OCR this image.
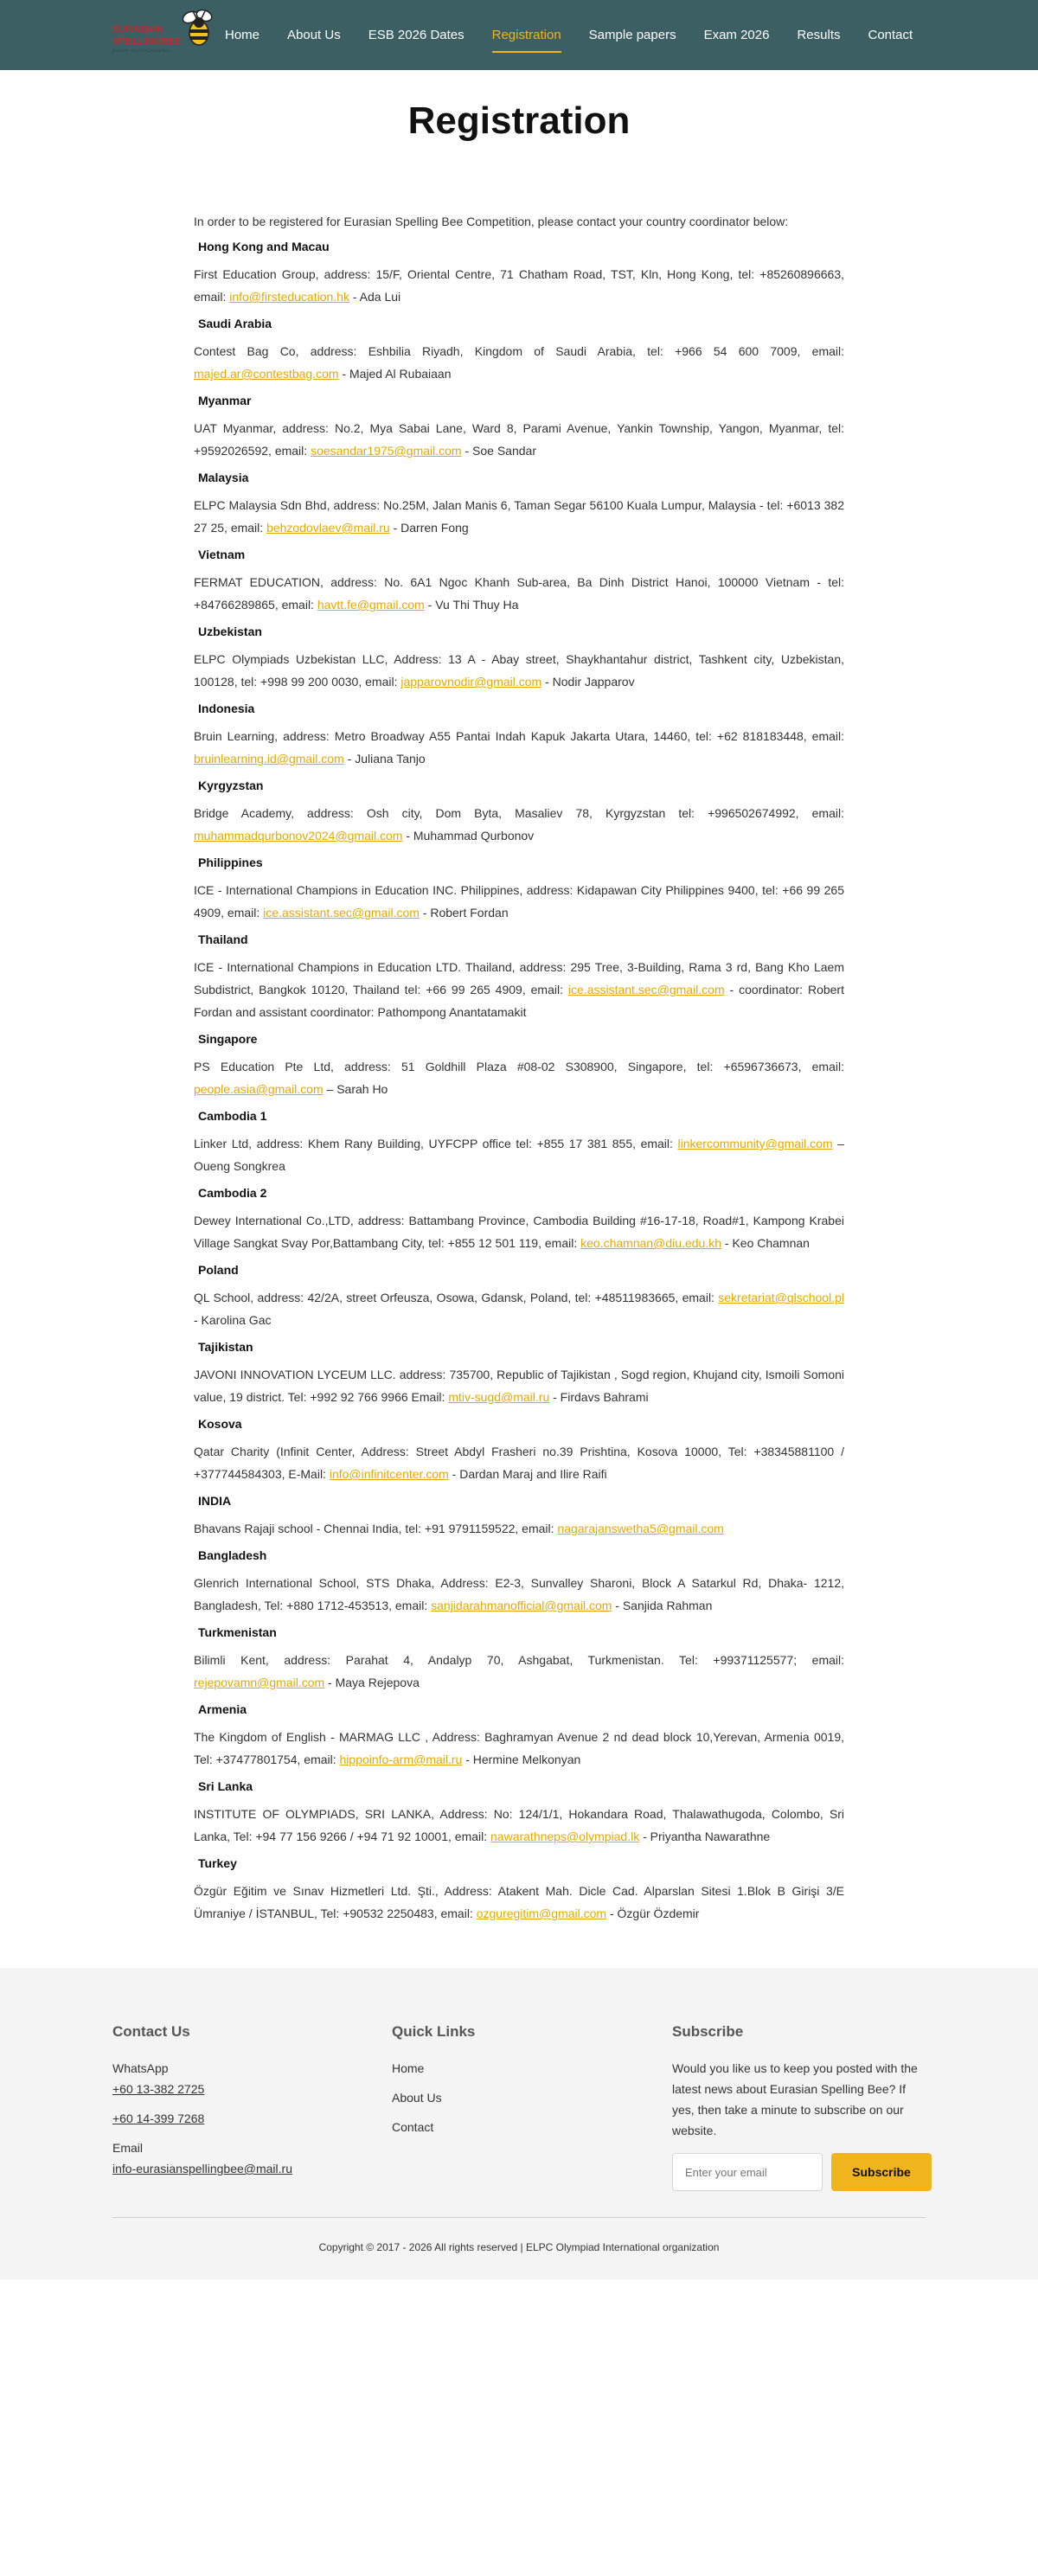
EURASIAN
SPELLINGBEE
Eurasian Spelling Competition
Home About Us ESB 2026 Dates Registration Sample papers Exam 2026 Results Contact
Registration

In order to be registered for Eurasian Spelling Bee Competition, please contact your country coordinator below:

Hong Kong and Macau

First Education Group, address: 15/F, Oriental Centre, 71 Chatham Road, TST, Kln, Hong Kong, tel: +85260896663, email: info@firsteducation.hk - Ada Lui

Saudi Arabia

Contest Bag Co, address: Eshbilia Riyadh, Kingdom of Saudi Arabia, tel: +966 54 600 7009, email: majed.ar@contestbag.com - Majed Al Rubaiaan

Myanmar

UAT Myanmar, address: No.2, Mya Sabai Lane, Ward 8, Parami Avenue, Yankin Township, Yangon, Myanmar, tel: +9592026592, email: soesandar1975@gmail.com - Soe Sandar

Malaysia

ELPC Malaysia Sdn Bhd, address: No.25M, Jalan Manis 6, Taman Segar 56100 Kuala Lumpur, Malaysia - tel: +6013 382 27 25, email: behzodovlaev@mail.ru - Darren Fong

Vietnam

FERMAT EDUCATION, address: No. 6A1 Ngoc Khanh Sub-area, Ba Dinh District Hanoi, 100000 Vietnam - tel: +84766289865, email: havtt.fe@gmail.com - Vu Thi Thuy Ha

Uzbekistan

ELPC Olympiads Uzbekistan LLC, Address: 13 A - Abay street, Shaykhantahur district, Tashkent city, Uzbekistan, 100128, tel: +998 99 200 0030, email: japparovnodir@gmail.com - Nodir Japparov

Indonesia

Bruin Learning, address: Metro Broadway A55 Pantai Indah Kapuk Jakarta Utara, 14460, tel: +62 818183448, email: bruinlearning.id@gmail.com - Juliana Tanjo

Kyrgyzstan

Bridge Academy, address: Osh city, Dom Byta, Masaliev 78, Kyrgyzstan tel: +996502674992, email: muhammadqurbonov2024@gmail.com - Muhammad Qurbonov

Philippines

ICE - International Champions in Education INC. Philippines, address: Kidapawan City Philippines 9400, tel: +66 99 265 4909, email: ice.assistant.sec@gmail.com - Robert Fordan

Thailand

ICE - International Champions in Education LTD. Thailand, address: 295 Tree, 3-Building, Rama 3 rd, Bang Kho Laem Subdistrict, Bangkok 10120, Thailand tel: +66 99 265 4909, email: ice.assistant.sec@gmail.com - coordinator: Robert Fordan and assistant coordinator: Pathompong Anantatamakit

Singapore

PS Education Pte Ltd, address: 51 Goldhill Plaza #08-02 S308900, Singapore, tel: +6596736673, email: people.asia@gmail.com – Sarah Ho

Cambodia 1

Linker Ltd, address: Khem Rany Building, UYFCPP office tel: +855 17 381 855, email: linkercommunity@gmail.com – Oueng Songkrea

Cambodia 2

Dewey International Co.,LTD, address: Battambang Province, Cambodia Building #16-17-18, Road#1, Kampong Krabei Village Sangkat Svay Por,Battambang City, tel: +855 12 501 119, email: keo.chamnan@diu.edu.kh - Keo Chamnan

Poland

QL School, address: 42/2A, street Orfeusza, Osowa, Gdansk, Poland, tel: +48511983665, email: sekretariat@qlschool.pl - Karolina Gac

Tajikistan

JAVONI INNOVATION LYCEUM LLC. address: 735700, Republic of Tajikistan , Sogd region, Khujand city, Ismoili Somoni value, 19 district. Tel: +992 92 766 9966 Email: mtiv-sugd@mail.ru - Firdavs Bahrami

Kosova

Qatar Charity (Infinit Center, Address: Street Abdyl Frasheri no.39 Prishtina, Kosova 10000, Tel: +38345881100 / +377744584303, E-Mail: info@infinitcenter.com - Dardan Maraj and Ilire Raifi

INDIA

Bhavans Rajaji school - Chennai India, tel: +91 9791159522, email: nagarajanswetha5@gmail.com

Bangladesh

Glenrich International School, STS Dhaka, Address: E2-3, Sunvalley Sharoni, Block A Satarkul Rd, Dhaka- 1212, Bangladesh, Tel: +880 1712-453513, email: sanjidarahmanofficial@gmail.com - Sanjida Rahman

Turkmenistan

Bilimli Kent, address: Parahat 4, Andalyp 70, Ashgabat, Turkmenistan. Tel: +99371125577; email: rejepovamn@gmail.com - Maya Rejepova

Armenia

The Kingdom of English - MARMAG LLC , Address: Baghramyan Avenue 2 nd dead block 10,Yerevan, Armenia 0019, Tel: +37477801754, email: hippoinfo-arm@mail.ru - Hermine Melkonyan

Sri Lanka

INSTITUTE OF OLYMPIADS, SRI LANKA, Address: No: 124/1/1, Hokandara Road, Thalawathugoda, Colombo, Sri Lanka, Tel: +94 77 156 9266 / +94 71 92 10001, email: nawarathneps@olympiad.lk - Priyantha Nawarathne

Turkey

Özgür Eğitim ve Sınav Hizmetleri Ltd. Şti., Address: Atakent Mah. Dicle Cad. Alparslan Sitesi 1.Blok B Girişi 3/E Ümraniye / İSTANBUL, Tel: +90532 2250483, email: ozguregitim@gmail.com - Özgür Özdemir

Contact Us
WhatsApp
+60 13-382 2725
+60 14-399 7268
Email
info-eurasianspellingbee@mail.ru
Quick Links
Home
About Us
Contact
Subscribe

Would you like us to keep you posted with the latest news about Eurasian Spelling Bee? If yes, then take a minute to subscribe on our website.

Enter your email
Subscribe
Copyright © 2017 - 2026 All rights reserved | ELPC Olympiad International organization
